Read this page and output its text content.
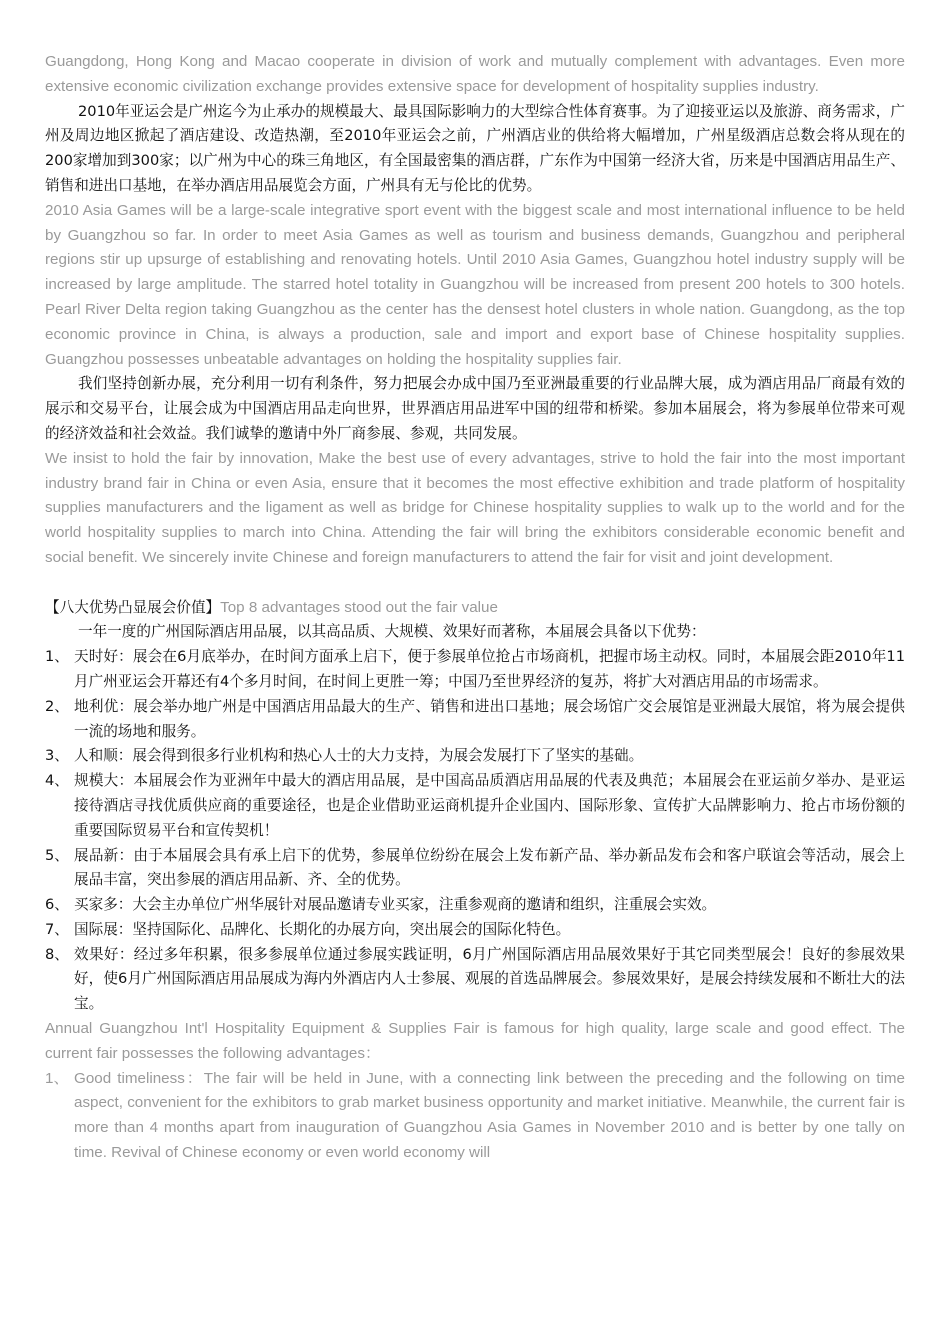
Guangdong, Hong Kong and Macao cooperate in division of work and mutually complement with advantages. Even more extensive economic civilization exchange provides extensive space for development of hospitality supplies industry.

2010年亚运会是广州迄今为止承办的规模最大、最具国际影响力的大型综合性体育赛事。为了迎接亚运以及旅游、商务需求，广州及周边地区掀起了酒店建设、改造热潮，至2010年亚运会之前，广州酒店业的供给将大幅增加，广州星级酒店总数会将从现在的200家增加到300家；以广州为中心的珠三角地区，有全国最密集的酒店群，广东作为中国第一经济大省，历来是中国酒店用品生产、销售和进出口基地，在举办酒店用品展览会方面，广州具有无与伦比的优势。

2010 Asia Games will be a large-scale integrative sport event with the biggest scale and most international influence to be held by Guangzhou so far. In order to meet Asia Games as well as tourism and business demands, Guangzhou and peripheral regions stir up upsurge of establishing and renovating hotels. Until 2010 Asia Games, Guangzhou hotel industry supply will be increased by large amplitude. The starred hotel totality in Guangzhou will be increased from present 200 hotels to 300 hotels. Pearl River Delta region taking Guangzhou as the center has the densest hotel clusters in whole nation. Guangdong, as the top economic province in China, is always a production, sale and import and export base of Chinese hospitality supplies. Guangzhou possesses unbeatable advantages on holding the hospitality supplies fair.

我们坚持创新办展，充分利用一切有利条件，努力把展会办成中国乃至亚洲最重要的行业品牌大展，成为酒店用品厂商最有效的展示和交易平台，让展会成为中国酒店用品走向世界，世界酒店用品进军中国的纽带和桥梁。参加本届展会，将为参展单位带来可观的经济效益和社会效益。我们诚挚的邀请中外厂商参展、参观，共同发展。

We insist to hold the fair by innovation, Make the best use of every advantages, strive to hold the fair into the most important industry brand fair in China or even Asia, ensure that it becomes the most effective exhibition and trade platform of hospitality supplies manufacturers and the ligament as well as bridge for Chinese hospitality supplies to walk up to the world and for the world hospitality supplies to march into China. Attending the fair will bring the exhibitors considerable economic benefit and social benefit. We sincerely invite Chinese and foreign manufacturers to attend the fair for visit and joint development.

【八大优势凸显展会价值】Top 8 advantages stood out the fair value

一年一度的广州国际酒店用品展，以其高品质、大规模、效果好而著称，本届展会具备以下优势：

1、 天时好：展会在6月底举办，在时间方面承上启下，便于参展单位抢占市场商机，把握市场主动权。同时，本届展会距2010年11月广州亚运会开幕还有4个多月时间，在时间上更胜一筹；中国乃至世界经济的复苏，将扩大对酒店用品的市场需求。
2、 地利优：展会举办地广州是中国酒店用品最大的生产、销售和进出口基地；展会场馆广交会展馆是亚洲最大展馆，将为展会提供一流的场地和服务。
3、 人和顺：展会得到很多行业机构和热心人士的大力支持，为展会发展打下了坚实的基础。
4、 规模大：本届展会作为亚洲年中最大的酒店用品展，是中国高品质酒店用品展的代表及典范；本届展会在亚运前夕举办、是亚运接待酒店寻找优质供应商的重要途径，也是企业借助亚运商机提升企业国内、国际形象、宣传扩大品牌影响力、抢占市场份额的重要国际贸易平台和宣传契机！
5、 展品新：由于本届展会具有承上启下的优势，参展单位纷纷在展会上发布新产品、举办新品发布会和客户联谊会等活动，展会上展品丰富，突出参展的酒店用品新、齐、全的优势。
6、 买家多：大会主办单位广州华展针对展品邀请专业买家，注重参观商的邀请和组织，注重展会实效。
7、 国际展：坚持国际化、品牌化、长期化的办展方向，突出展会的国际化特色。
8、 效果好：经过多年积累，很多参展单位通过参展实践证明，6月广州国际酒店用品展效果好于其它同类型展会！良好的参展效果好，使6月广州国际酒店用品展成为海内外酒店内人士参展、观展的首选品牌展会。参展效果好，是展会持续发展和不断壮大的法宝。

Annual Guangzhou Int'l Hospitality Equipment & Supplies Fair is famous for high quality, large scale and good effect. The current fair possesses the following advantages：

1、 Good timeliness：The fair will be held in June, with a connecting link between the preceding and the following on time aspect, convenient for the exhibitors to grab market business opportunity and market initiative. Meanwhile, the current fair is more than 4 months apart from inauguration of Guangzhou Asia Games in November 2010 and is better by one tally on time. Revival of Chinese economy or even world economy will
